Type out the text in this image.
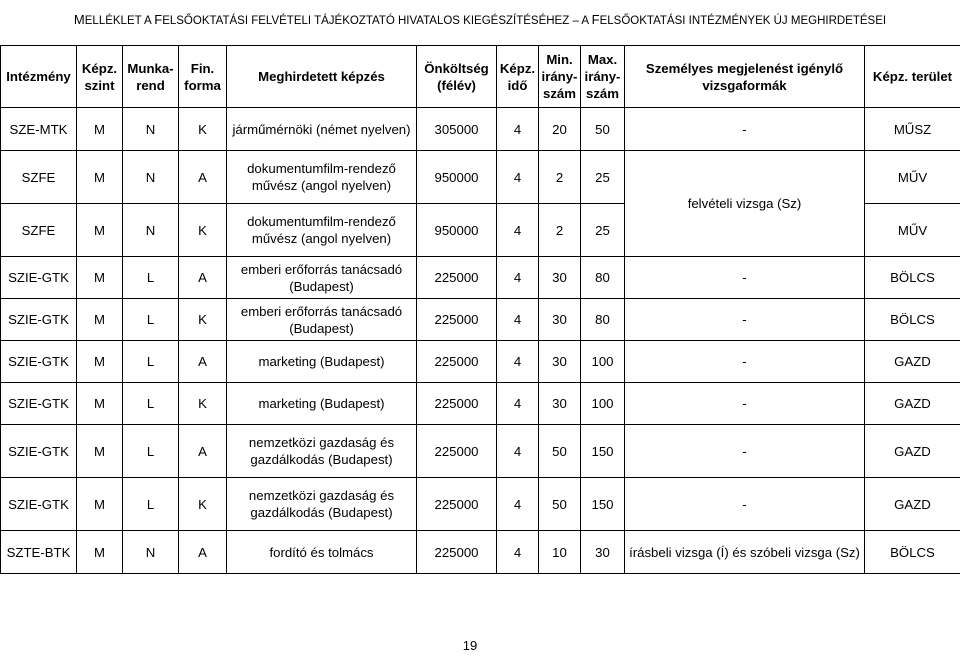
MELLÉKLET A FELSŐOKTATÁSI FELVÉTELI TÁJÉKOZTATÓ HIVATALOS KIEGÉSZÍTÉSÉHEZ – A FELSŐOKTATÁSI INTÉZMÉNYEK ÚJ MEGHIRDETÉSEI
Intézmény	Képz. szint	Munka- rend	Fin. forma	Meghirdetett képzés	Önköltség (félév)	Képz. idő	Min. irány- szám	Max. irány- szám	Személyes megjelenést igénylő vizsgaformák	Képz. terület
SZE-MTK	M	N	K	járműmérnöki (német nyelven)	305000	4	20	50	-	MŰSZ
SZFE	M	N	A	dokumentumfilm-rendező művész (angol nyelven)	950000	4	2	25	felvételi vizsga (Sz)	MŰV
SZFE	M	N	K	dokumentumfilm-rendező művész (angol nyelven)	950000	4	2	25		MŰV
SZIE-GTK	M	L	A	emberi erőforrás tanácsadó (Budapest)	225000	4	30	80	-	BÖLCS
SZIE-GTK	M	L	K	emberi erőforrás tanácsadó (Budapest)	225000	4	30	80	-	BÖLCS
SZIE-GTK	M	L	A	marketing (Budapest)	225000	4	30	100	-	GAZD
SZIE-GTK	M	L	K	marketing (Budapest)	225000	4	30	100	-	GAZD
SZIE-GTK	M	L	A	nemzetközi gazdaság és gazdálkodás (Budapest)	225000	4	50	150	-	GAZD
SZIE-GTK	M	L	K	nemzetközi gazdaság és gazdálkodás (Budapest)	225000	4	50	150	-	GAZD
SZTE-BTK	M	N	A	fordító és tolmács	225000	4	10	30	írásbeli vizsga (Í) és szóbeli vizsga (Sz)	BÖLCS
19
